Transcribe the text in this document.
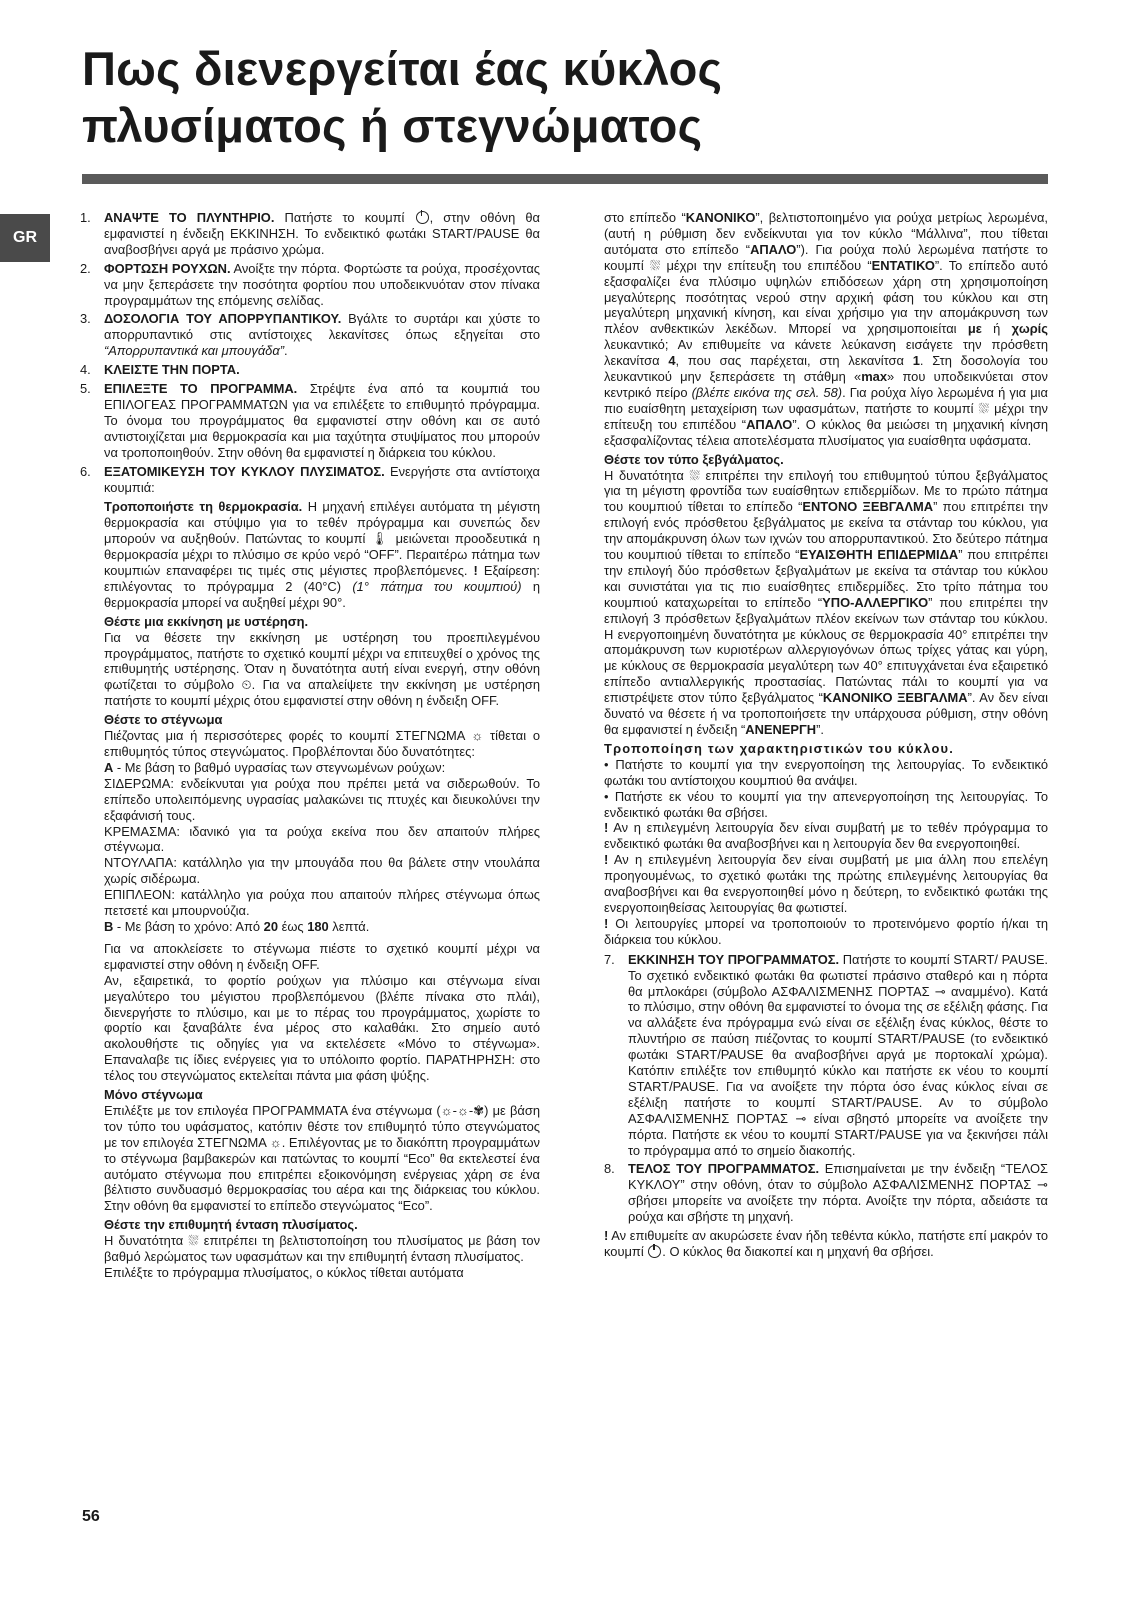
Πως διενεργείται έας κύκλος
πλυσίματος ή στεγνώματος
GR

1. ΑΝΑΨΤΕ ΤΟ ΠΛΥΝΤΗΡΙΟ. Πατήστε το κουμπί , στην οθόνη θα εμφανιστεί η ένδειξη ΕΚΚΙΝΗΣΗ. Το ενδεικτικό φωτάκι START/PAUSE θα αναβοσβήνει αργά με πράσινο χρώμα.

2. ΦΟΡΤΩΣΗ ΡΟΥΧΩΝ. Ανοίξτε την πόρτα. Φορτώστε τα ρούχα, προσέχοντας να μην ξεπεράσετε την ποσότητα φορτίου που υποδεικνυόταν στον πίνακα προγραμμάτων της επόμενης σελίδας.

3. ΔΟΣΟΛΟΓΙΑ ΤΟΥ ΑΠΟΡΡΥΠΑΝΤΙΚΟΥ. Βγάλτε το συρτάρι και χύστε το απορρυπαντικό στις αντίστοιχες λεκανίτσες όπως εξηγείται στο “Απορρυπαντικά και μπουγάδα”.

4. ΚΛΕΙΣΤΕ ΤΗΝ ΠΟΡΤΑ.

5. ΕΠΙΛΕΞΤΕ ΤΟ ΠΡΟΓΡΑΜΜΑ. Στρέψτε ένα από τα κουμπιά του ΕΠΙΛΟΓΕΑΣ ΠΡΟΓΡΑΜΜΑΤΩΝ για να επιλέξετε το επιθυμητό πρόγραμμα. Το όνομα του προγράμματος θα εμφανιστεί στην οθόνη και σε αυτό αντιστοιχίζεται μια θερμοκρασία και μια ταχύτητα στυψίματος που μπορούν να τροποποιηθούν. Στην οθόνη θα εμφανιστεί η διάρκεια του κύκλου.

6. ΕΞΑΤΟΜΙΚΕΥΣΗ ΤΟΥ ΚΥΚΛΟΥ ΠΛΥΣΙΜΑΤΟΣ. Ενεργήστε στα αντίστοιχα κουμπιά:

Τροποποιήστε τη θερμοκρασία. Η μηχανή επιλέγει αυτόματα τη μέγιστη θερμοκρασία και στύψιμο για το τεθέν πρόγραμμα και συνεπώς δεν μπορούν να αυξηθούν. Πατώντας το κουμπί 🌡︎ μειώνεται προοδευτικά η θερμοκρασία μέχρι το πλύσιμο σε κρύο νερό “OFF”. Περαιτέρω πάτημα των κουμπιών επαναφέρει τις τιμές στις μέγιστες προβλεπόμενες. ! Εξαίρεση: επιλέγοντας το πρόγραμμα 2 (40°C) (1° πάτημα του κουμπιού) η θερμοκρασία μπορεί να αυξηθεί μέχρι 90°.

Θέστε μια εκκίνηση με υστέρηση.

Για να θέσετε την εκκίνηση με υστέρηση του προεπιλεγμένου προγράμματος, πατήστε το σχετικό κουμπί μέχρι να επιτευχθεί ο χρόνος της επιθυμητής υστέρησης. Όταν η δυνατότητα αυτή είναι ενεργή, στην οθόνη φωτίζεται το σύμβολο ⏲. Για να απαλείψετε την εκκίνηση με υστέρηση πατήστε το κουμπί μέχρις ότου εμφανιστεί στην οθόνη η ένδειξη OFF.

Θέστε το στέγνωμα

Πιέζοντας μια ή περισσότερες φορές το κουμπί ΣΤΕΓΝΩΜΑ ☼ τίθεται ο επιθυμητός τύπος στεγνώματος. Προβλέπονται δύο δυνατότητες:

A - Με βάση το βαθμό υγρασίας των στεγνωμένων ρούχων:

ΣΙΔΕΡΩΜΑ: ενδείκνυται για ρούχα που πρέπει μετά να σιδερωθούν. Το επίπεδο υπολειπόμενης υγρασίας μαλακώνει τις πτυχές και διευκολύνει την εξαφάνισή τους.

ΚΡΕΜΑΣΜΑ: ιδανικό για τα ρούχα εκείνα που δεν απαιτούν πλήρες στέγνωμα.

ΝΤΟΥΛΑΠΑ: κατάλληλο για την μπουγάδα που θα βάλετε στην ντουλάπα χωρίς σιδέρωμα.

ΕΠΙΠΛΕΟΝ: κατάλληλο για ρούχα που απαιτούν πλήρες στέγνωμα όπως πετσετέ και μπουρνούζια.

B - Με βάση το χρόνο: Από 20 έως 180 λεπτά.

Για να αποκλείσετε το στέγνωμα πιέστε το σχετικό κουμπί μέχρι να εμφανιστεί στην οθόνη η ένδειξη OFF.

Αν, εξαιρετικά, το φορτίο ρούχων για πλύσιμο και στέγνωμα είναι μεγαλύτερο του μέγιστου προβλεπόμενου (βλέπε πίνακα στο πλάι), διενεργήστε το πλύσιμο, και με το πέρας του προγράμματος, χωρίστε το φορτίο και ξαναβάλτε ένα μέρος στο καλαθάκι. Στο σημείο αυτό ακολουθήστε τις οδηγίες για να εκτελέσετε «Μόνο το στέγνωμα». Επαναλαβε τις ίδιες ενέργειες για το υπόλοιπο φορτίο. ΠΑΡΑΤΗΡΗΣΗ: στο τέλος του στεγνώματος εκτελείται πάντα μια φάση ψύξης.

Μόνο στέγνωμα

Επιλέξτε με τον επιλογέα ΠΡΟΓΡΑΜΜΑΤΑ ένα στέγνωμα (☼-☼-✾) με βάση τον τύπο του υφάσματος, κατόπιν θέστε τον επιθυμητό τύπο στεγνώματος με τον επιλογέα ΣΤΕΓΝΩΜΑ ☼. Επιλέγοντας με το διακόπτη προγραμμάτων το στέγνωμα βαμβακερών και πατώντας το κουμπί “Eco” θα εκτελεστεί ένα αυτόματο στέγνωμα που επιτρέπει εξοικονόμηση ενέργειας χάρη σε ένα βέλτιστο συνδυασμό θερμοκρασίας του αέρα και της διάρκειας του κύκλου. Στην οθόνη θα εμφανιστεί το επίπεδο στεγνώματος “Eco”.

Θέστε την επιθυμητή ένταση πλυσίματος.

Η δυνατότητα ⛆ επιτρέπει τη βελτιστοποίηση του πλυσίματος με βάση τον βαθμό λερώματος των υφασμάτων και την επιθυμητή ένταση πλυσίματος.

Επιλέξτε το πρόγραμμα πλυσίματος, ο κύκλος τίθεται αυτόματα

στο επίπεδο “ΚΑΝΟΝΙΚΟ”, βελτιστοποιημένο για ρούχα μετρίως λερωμένα, (αυτή η ρύθμιση δεν ενδείκνυται για τον κύκλο “Μάλλινα”, που τίθεται αυτόματα στο επίπεδο “ΑΠΑΛΟ”). Για ρούχα πολύ λερωμένα πατήστε το κουμπί ⛆ μέχρι την επίτευξη του επιπέδου “ΕΝΤΑΤΙΚΟ”. Το επίπεδο αυτό εξασφαλίζει ένα πλύσιμο υψηλών επιδόσεων χάρη στη χρησιμοποίηση μεγαλύτερης ποσότητας νερού στην αρχική φάση του κύκλου και στη μεγαλύτερη μηχανική κίνηση, και είναι χρήσιμο για την απομάκρυνση των πλέον ανθεκτικών λεκέδων. Μπορεί να χρησιμοποιείται με ή χωρίς λευκαντικό; Αν επιθυμείτε να κάνετε λεύκανση εισάγετε την πρόσθετη λεκανίτσα 4, που σας παρέχεται, στη λεκανίτσα 1. Στη δοσολογία του λευκαντικού μην ξεπεράσετε τη στάθμη «max» που υποδεικνύεται στον κεντρικό πείρο (βλέπε εικόνα της σελ. 58). Για ρούχα λίγο λερωμένα ή για μια πιο ευαίσθητη μεταχείριση των υφασμάτων, πατήστε το κουμπί ⛆ μέχρι την επίτευξη του επιπέδου “ΑΠΑΛΟ”. Ο κύκλος θα μειώσει τη μηχανική κίνηση εξασφαλίζοντας τέλεια αποτελέσματα πλυσίματος για ευαίσθητα υφάσματα.

Θέστε τον τύπο ξεβγάλματος.

Η δυνατότητα ⛆ επιτρέπει την επιλογή του επιθυμητού τύπου ξεβγάλματος για τη μέγιστη φροντίδα των ευαίσθητων επιδερμίδων. Με το πρώτο πάτημα του κουμπιού τίθεται το επίπεδο “ΕΝΤΟΝΟ ΞΕΒΓΑΛΜΑ” που επιτρέπει την επιλογή ενός πρόσθετου ξεβγάλματος με εκείνα τα στάνταρ του κύκλου, για την απομάκρυνση όλων των ιχνών του απορρυπαντικού. Στο δεύτερο πάτημα του κουμπιού τίθεται το επίπεδο “ΕΥΑΙΣΘΗΤΗ ΕΠΙΔΕΡΜΙΔΑ” που επιτρέπει την επιλογή δύο πρόσθετων ξεβγαλμάτων με εκείνα τα στάνταρ του κύκλου και συνιστάται για τις πιο ευαίσθητες επιδερμίδες. Στο τρίτο πάτημα του κουμπιού καταχωρείται το επίπεδο “ΥΠΟ-ΑΛΛΕΡΓΙΚΟ” που επιτρέπει την επιλογή 3 πρόσθετων ξεβγαλμάτων πλέον εκείνων των στάνταρ του κύκλου. Η ενεργοποιημένη δυνατότητα με κύκλους σε θερμοκρασία 40° επιτρέπει την απομάκρυνση των κυριοτέρων αλλεργιογόνων όπως τρίχες γάτας και γύρη, με κύκλους σε θερμοκρασία μεγαλύτερη των 40° επιτυγχάνεται ένα εξαιρετικό επίπεδο αντιαλλεργικής προστασίας. Πατώντας πάλι το κουμπί για να επιστρέψετε στον τύπο ξεβγάλματος “ΚΑΝΟΝΙΚΟ ΞΕΒΓΑΛΜΑ”. Αν δεν είναι δυνατό να θέσετε ή να τροποποιήσετε την υπάρχουσα ρύθμιση, στην οθόνη θα εμφανιστεί η ένδειξη “ΑΝΕΝΕΡΓΗ”.

Τροποποίηση των χαρακτηριστικών του κύκλου.

• Πατήστε το κουμπί για την ενεργοποίηση της λειτουργίας. Το ενδεικτικό φωτάκι του αντίστοιχου κουμπιού θα ανάψει.

• Πατήστε εκ νέου το κουμπί για την απενεργοποίηση της λειτουργίας. Το ενδεικτικό φωτάκι θα σβήσει.

! Αν η επιλεγμένη λειτουργία δεν είναι συμβατή με το τεθέν πρόγραμμα το ενδεικτικό φωτάκι θα αναβοσβήνει και η λειτουργία δεν θα ενεργοποιηθεί.

! Αν η επιλεγμένη λειτουργία δεν είναι συμβατή με μια άλλη που επελέγη προηγουμένως, το σχετικό φωτάκι της πρώτης επιλεγμένης λειτουργίας θα αναβοσβήνει και θα ενεργοποιηθεί μόνο η δεύτερη, το ενδεικτικό φωτάκι της ενεργοποιηθείσας λειτουργίας θα φωτιστεί.

! Οι λειτουργίες μπορεί να τροποποιούν το προτεινόμενο φορτίο ή/και τη διάρκεια του κύκλου.

7. ΕΚΚΙΝΗΣΗ ΤΟΥ ΠΡΟΓΡΑΜΜΑΤΟΣ. Πατήστε το κουμπί START/ PAUSE. Το σχετικό ενδεικτικό φωτάκι θα φωτιστεί πράσινο σταθερό και η πόρτα θα μπλοκάρει (σύμβολο ΑΣΦΑΛΙΣΜΕΝΗΣ ΠΟΡΤΑΣ ⊸ αναμμένο). Κατά το πλύσιμο, στην οθόνη θα εμφανιστεί το όνομα της σε εξέλιξη φάσης. Για να αλλάξετε ένα πρόγραμμα ενώ είναι σε εξέλιξη ένας κύκλος, θέστε το πλυντήριο σε παύση πιέζοντας το κουμπί START/PAUSE (το ενδεικτικό φωτάκι START/PAUSE θα αναβοσβήνει αργά με πορτοκαλί χρώμα). Κατόπιν επιλέξτε τον επιθυμητό κύκλο και πατήστε εκ νέου το κουμπί START/PAUSE. Για να ανοίξετε την πόρτα όσο ένας κύκλος είναι σε εξέλιξη πατήστε το κουμπί START/PAUSE. Αν το σύμβολο ΑΣΦΑΛΙΣΜΕΝΗΣ ΠΟΡΤΑΣ ⊸ είναι σβηστό μπορείτε να ανοίξετε την πόρτα. Πατήστε εκ νέου το κουμπί START/PAUSE για να ξεκινήσει πάλι το πρόγραμμα από το σημείο διακοπής.

8. ΤΕΛΟΣ ΤΟΥ ΠΡΟΓΡΑΜΜΑΤΟΣ. Επισημαίνεται με την ένδειξη “ΤΕΛΟΣ ΚΥΚΛΟΥ” στην οθόνη, όταν το σύμβολο ΑΣΦΑΛΙΣΜΕΝΗΣ ΠΟΡΤΑΣ ⊸ σβήσει μπορείτε να ανοίξετε την πόρτα. Ανοίξτε την πόρτα, αδειάστε τα ρούχα και σβήστε τη μηχανή.

! Αν επιθυμείτε αν ακυρώσετε έναν ήδη τεθέντα κύκλο, πατήστε επί μακρόν το κουμπί . Ο κύκλος θα διακοπεί και η μηχανή θα σβήσει.

56
